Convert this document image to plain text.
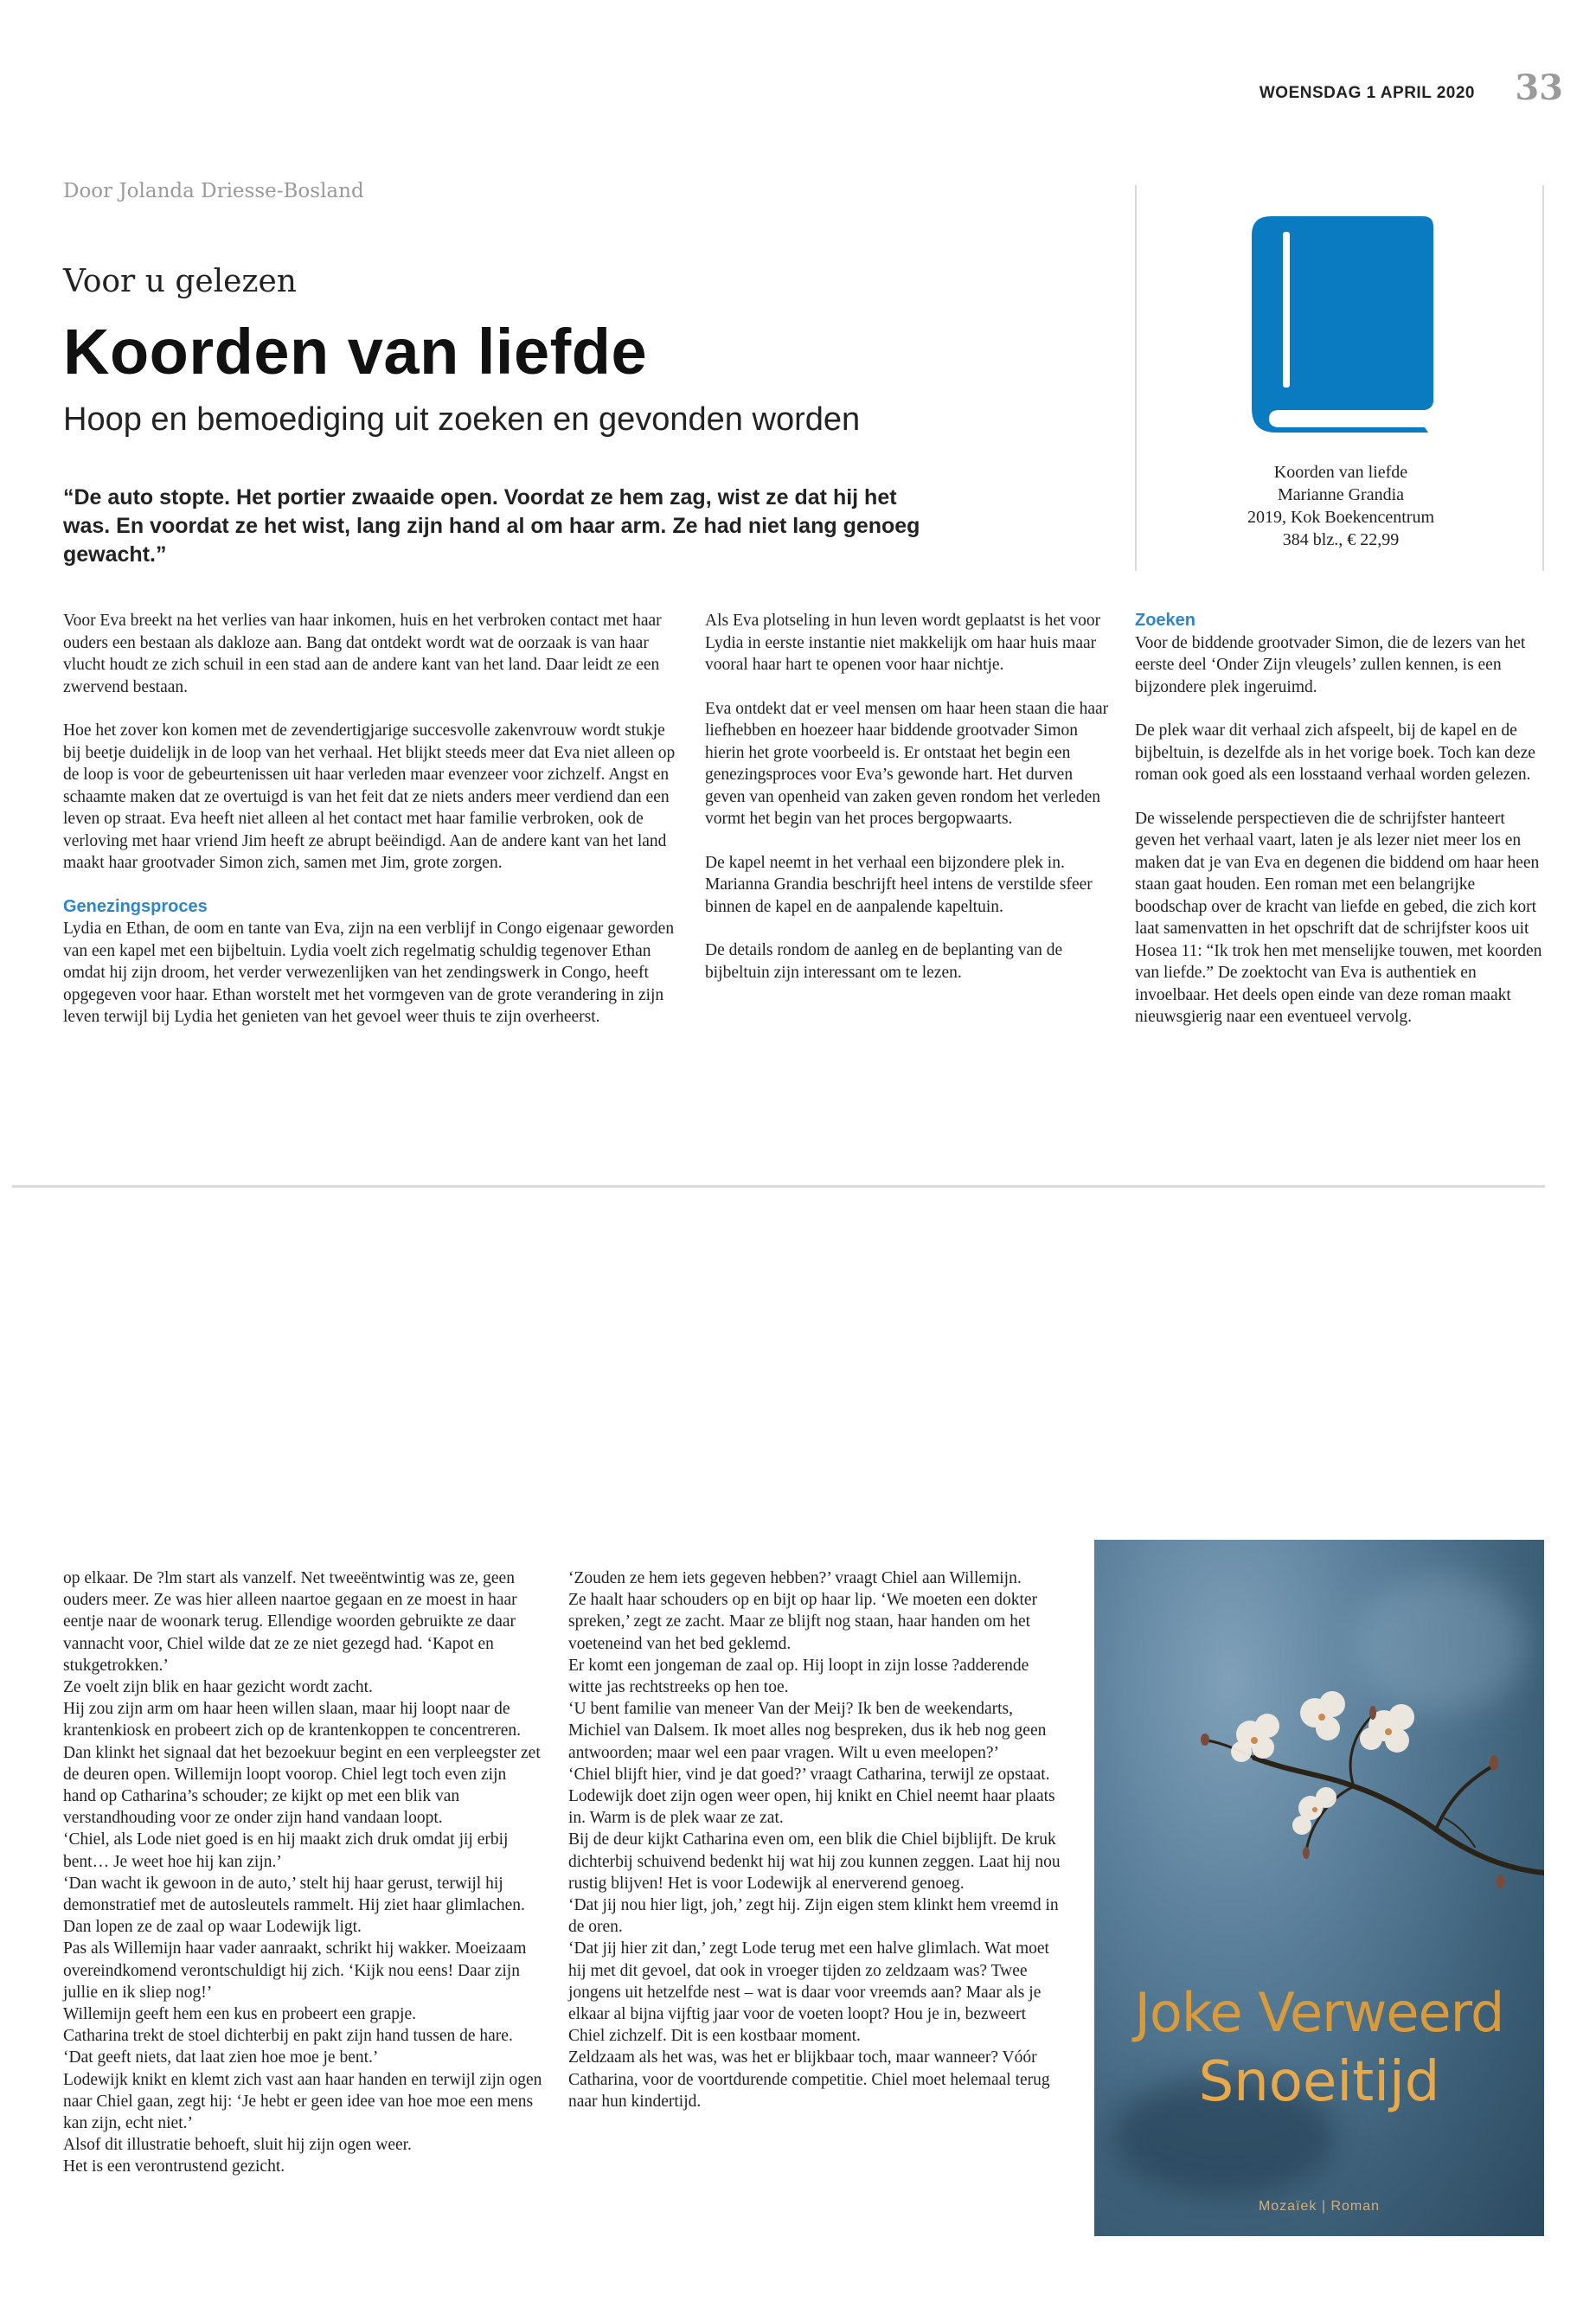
WOENSDAG 1 APRIL 2020 33
Door Jolanda Driesse-Bosland
Voor u gelezen
Koorden van liefde
Hoop en bemoediging uit zoeken en gevonden worden
“De auto stopte. Het portier zwaaide open. Voordat ze hem zag, wist ze dat hij het was. En voordat ze het wist, lang zijn hand al om haar arm. Ze had niet lang genoeg gewacht.”
Koorden van liefde
Marianne Grandia
2019, Kok Boekencentrum
384 blz., € 22,99

Voor Eva breekt na het verlies van haar inkomen, huis en het verbroken contact met haar ouders een bestaan als dakloze aan. Bang dat ontdekt wordt wat de oorzaak is van haar vlucht houdt ze zich schuil in een stad aan de andere kant van het land. Daar leidt ze een zwervend bestaan.

Hoe het zover kon komen met de zevendertigjarige succesvolle zakenvrouw wordt stukje bij beetje duidelijk in de loop van het verhaal. Het blijkt steeds meer dat Eva niet alleen op de loop is voor de gebeurtenissen uit haar verleden maar evenzeer voor zichzelf. Angst en schaamte maken dat ze overtuigd is van het feit dat ze niets anders meer verdiend dan een leven op straat. Eva heeft niet alleen al het contact met haar familie verbroken, ook de verloving met haar vriend Jim heeft ze abrupt beëindigd. Aan de andere kant van het land maakt haar grootvader Simon zich, samen met Jim, grote zorgen.

Genezingsproces

Lydia en Ethan, de oom en tante van Eva, zijn na een verblijf in Congo eigenaar geworden van een kapel met een bijbeltuin. Lydia voelt zich regelmatig schuldig tegenover Ethan omdat hij zijn droom, het verder verwezenlijken van het zendingswerk in Congo, heeft opgegeven voor haar. Ethan worstelt met het vormgeven van de grote verandering in zijn leven terwijl bij Lydia het genieten van het gevoel weer thuis te zijn overheerst.

Als Eva plotseling in hun leven wordt geplaatst is het voor Lydia in eerste instantie niet makkelijk om haar huis maar vooral haar hart te openen voor haar nichtje.

Eva ontdekt dat er veel mensen om haar heen staan die haar liefhebben en hoezeer haar biddende grootvader Simon hierin het grote voorbeeld is. Er ontstaat het begin een genezingsproces voor Eva’s gewonde hart. Het durven geven van openheid van zaken geven rondom het verleden vormt het begin van het proces bergopwaarts.

De kapel neemt in het verhaal een bijzondere plek in. Marianna Grandia beschrijft heel intens de verstilde sfeer binnen de kapel en de aanpalende kapeltuin.

De details rondom de aanleg en de beplanting van de bijbeltuin zijn interessant om te lezen.

Zoeken

Voor de biddende grootvader Simon, die de lezers van het eerste deel ‘Onder Zijn vleugels’ zullen kennen, is een bijzondere plek ingeruimd.

De plek waar dit verhaal zich afspeelt, bij de kapel en de bijbeltuin, is dezelfde als in het vorige boek. Toch kan deze roman ook goed als een losstaand verhaal worden gelezen.

De wisselende perspectieven die de schrijfster hanteert geven het verhaal vaart, laten je als lezer niet meer los en maken dat je van Eva en degenen die biddend om haar heen staan gaat houden. Een roman met een belangrijke boodschap over de kracht van liefde en gebed, die zich kort laat samenvatten in het opschrift dat de schrijfster koos uit Hosea 11: “Ik trok hen met menselijke touwen, met koorden van liefde.” De zoektocht van Eva is authentiek en invoelbaar. Het deels open einde van deze roman maakt nieuwsgierig naar een eventueel vervolg.

op elkaar. De ?lm start als vanzelf. Net tweeëntwintig was ze, geen ouders meer. Ze was hier alleen naartoe gegaan en ze moest in haar eentje naar de woonark terug. Ellendige woorden gebruikte ze daar vannacht voor, Chiel wilde dat ze ze niet gezegd had. ‘Kapot en stukgetrokken.’
Ze voelt zijn blik en haar gezicht wordt zacht.
Hij zou zijn arm om haar heen willen slaan, maar hij loopt naar de krantenkiosk en probeert zich op de krantenkoppen te concentreren. Dan klinkt het signaal dat het bezoekuur begint en een verpleegster zet de deuren open. Willemijn loopt voorop. Chiel legt toch even zijn hand op Catharina’s schouder; ze kijkt op met een blik van verstandhouding voor ze onder zijn hand vandaan loopt.
‘Chiel, als Lode niet goed is en hij maakt zich druk omdat jij erbij bent… Je weet hoe hij kan zijn.’
‘Dan wacht ik gewoon in de auto,’ stelt hij haar gerust, terwijl hij demonstratief met de autosleutels rammelt. Hij ziet haar glimlachen.
Dan lopen ze de zaal op waar Lodewijk ligt.
Pas als Willemijn haar vader aanraakt, schrikt hij wakker. Moeizaam overeindkomend verontschuldigt hij zich. ‘Kijk nou eens! Daar zijn jullie en ik sliep nog!’
Willemijn geeft hem een kus en probeert een grapje.
Catharina trekt de stoel dichterbij en pakt zijn hand tussen de hare. ‘Dat geeft niets, dat laat zien hoe moe je bent.’
Lodewijk knikt en klemt zich vast aan haar handen en terwijl zijn ogen naar Chiel gaan, zegt hij: ‘Je hebt er geen idee van hoe moe een mens kan zijn, echt niet.’
Alsof dit illustratie behoeft, sluit hij zijn ogen weer.
Het is een verontrustend gezicht.
‘Zouden ze hem iets gegeven hebben?’ vraagt Chiel aan Willemijn.
Ze haalt haar schouders op en bijt op haar lip. ‘We moeten een dokter spreken,’ zegt ze zacht. Maar ze blijft nog staan, haar handen om het voeteneind van het bed geklemd.
Er komt een jongeman de zaal op. Hij loopt in zijn losse ?adderende witte jas rechtstreeks op hen toe.
‘U bent familie van meneer Van der Meij? Ik ben de weekendarts, Michiel van Dalsem. Ik moet alles nog bespreken, dus ik heb nog geen antwoorden; maar wel een paar vragen. Wilt u even meelopen?’
‘Chiel blijft hier, vind je dat goed?’ vraagt Catharina, terwijl ze opstaat.
Lodewijk doet zijn ogen weer open, hij knikt en Chiel neemt haar plaats in. Warm is de plek waar ze zat.
Bij de deur kijkt Catharina even om, een blik die Chiel bijblijft. De kruk dichterbij schuivend bedenkt hij wat hij zou kunnen zeggen. Laat hij nou rustig blijven! Het is voor Lodewijk al enerverend genoeg.
‘Dat jij nou hier ligt, joh,’ zegt hij. Zijn eigen stem klinkt hem vreemd in de oren.
‘Dat jij hier zit dan,’ zegt Lode terug met een halve glimlach. Wat moet hij met dit gevoel, dat ook in vroeger tijden zo zeldzaam was? Twee jongens uit hetzelfde nest – wat is daar voor vreemds aan? Maar als je elkaar al bijna vijftig jaar voor de voeten loopt? Hou je in, bezweert Chiel zichzelf. Dit is een kostbaar moment.
Zeldzaam als het was, was het er blijkbaar toch, maar wanneer? Vóór Catharina, voor de voortdurende competitie. Chiel moet helemaal terug naar hun kindertijd.
Joke Verweerd
Snoeitijd
Mozaïek | Roman
